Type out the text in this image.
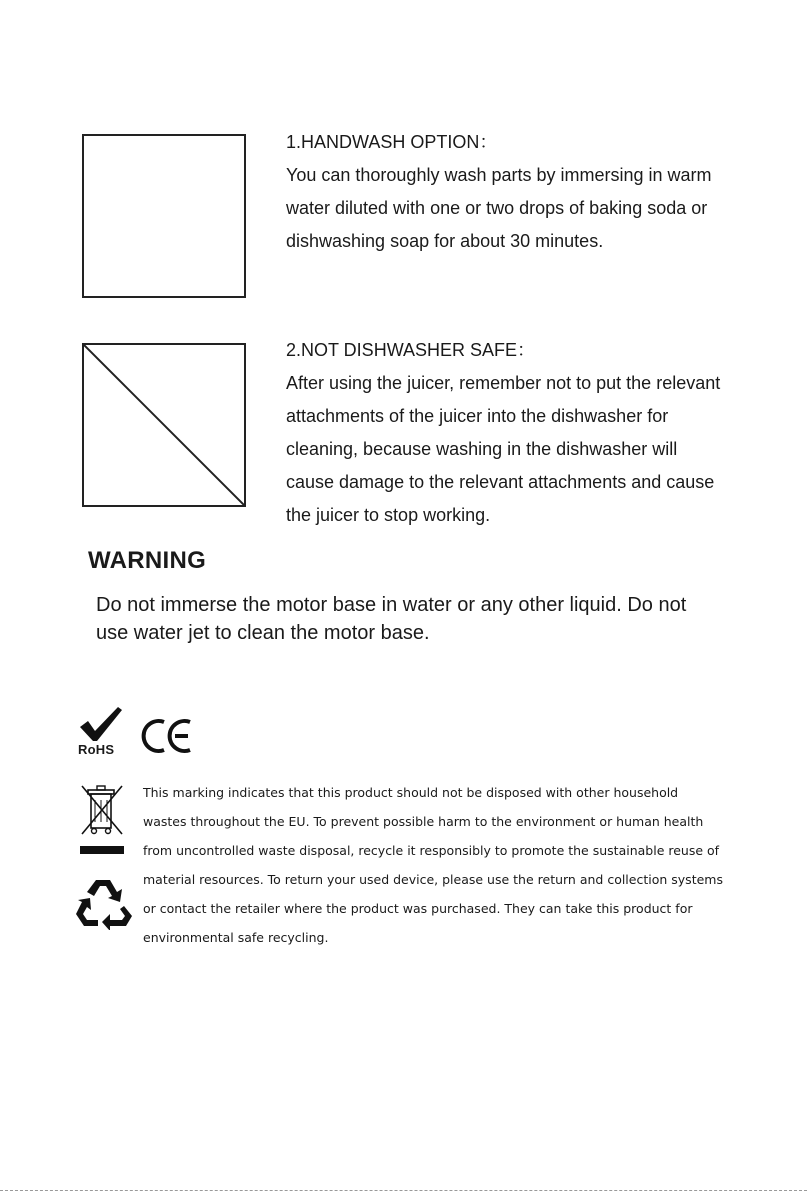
1.HANDWASH OPTION：
You can thoroughly wash parts by immersing in warm
water diluted with one or two drops of baking soda or
dishwashing soap for about 30 minutes.
2.NOT DISHWASHER SAFE：
After using the juicer, remember not to put the relevant
attachments of the juicer into the dishwasher for
cleaning, because washing in the dishwasher will
cause damage to the relevant attachments and cause
the juicer to stop working.
WARNING
Do not immerse the motor base in water or any other liquid. Do not
use water jet to clean the motor base.
RoHS
This marking indicates that this product should not be disposed with other household
wastes throughout the EU. To prevent possible harm to the environment or human health
from uncontrolled waste disposal, recycle it responsibly to promote the sustainable reuse of
material resources. To return your used device, please use the return and collection systems
or contact the retailer where the product was purchased. They can take this product for
environmental safe recycling.
